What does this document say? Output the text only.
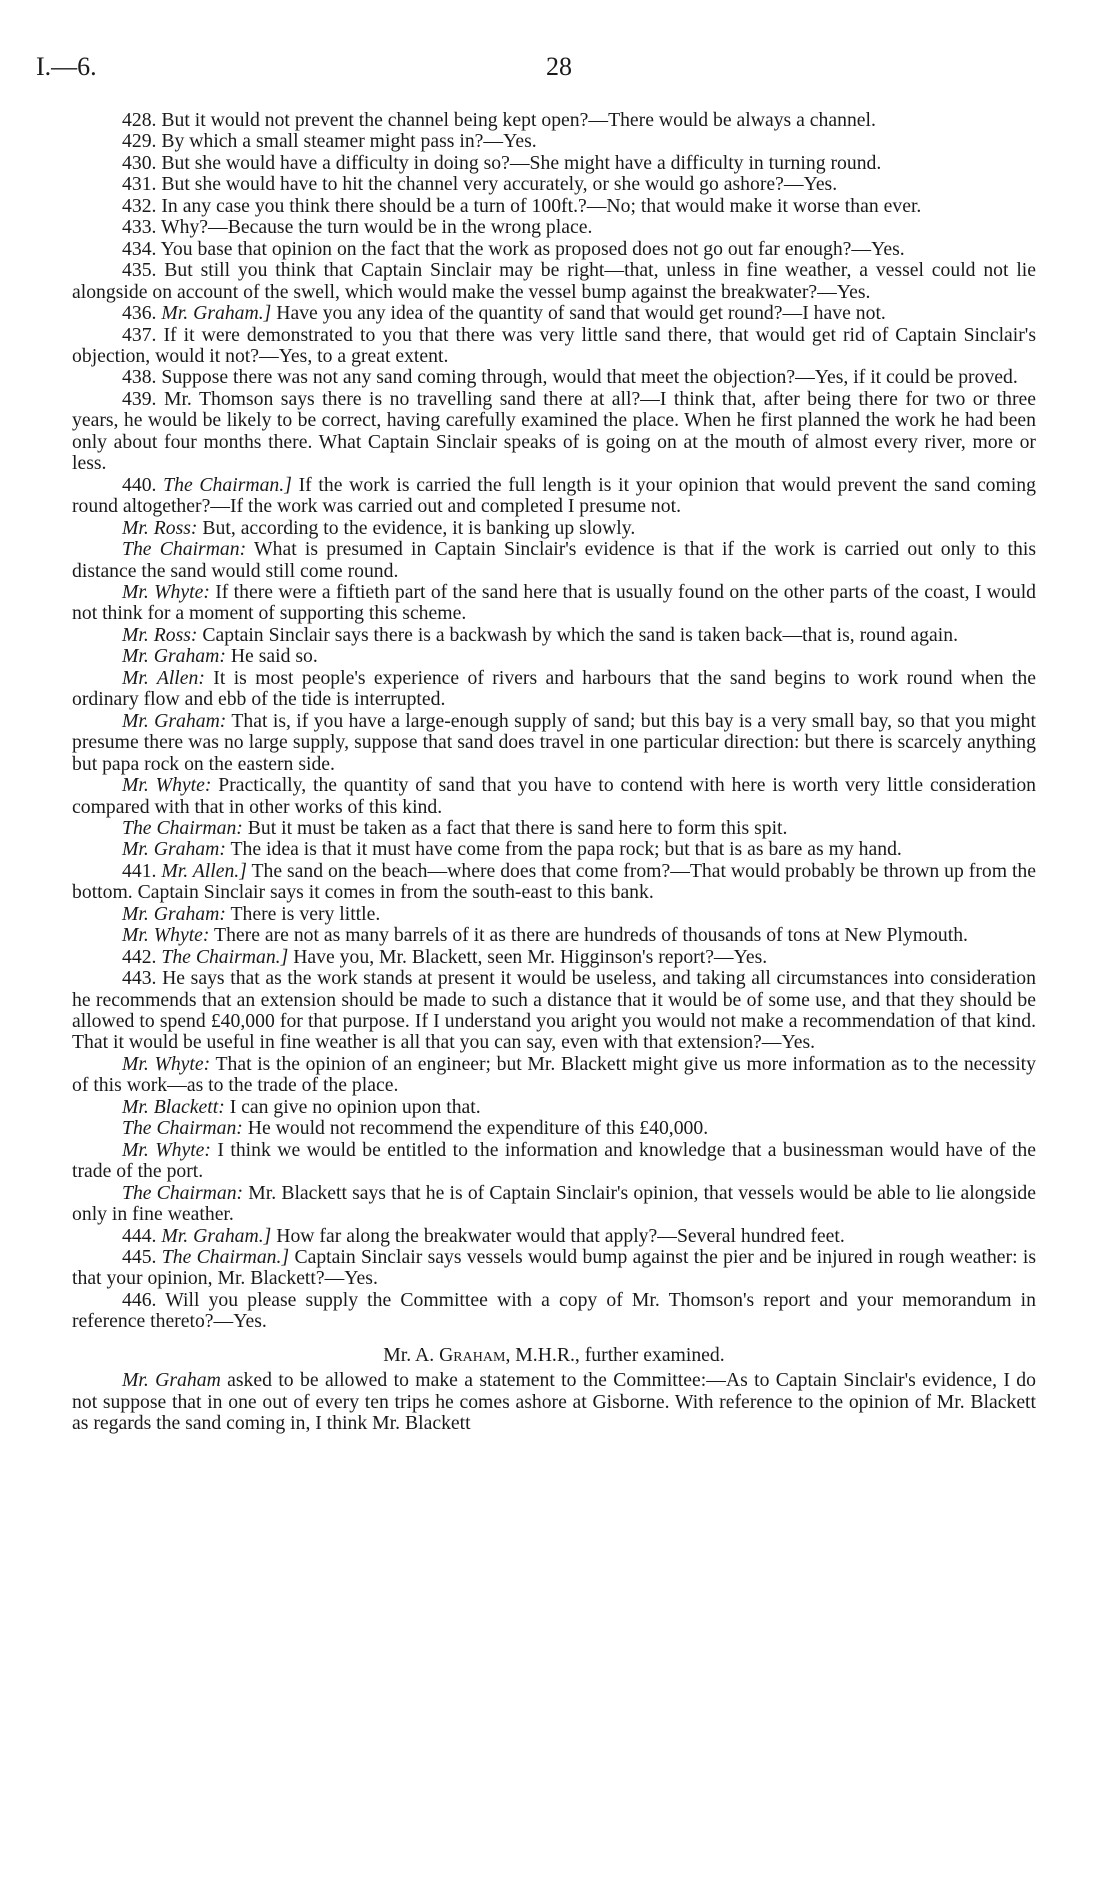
I.—6.	28

428. But it would not prevent the channel being kept open?—There would be always a channel.

429. By which a small steamer might pass in?—Yes.

430. But she would have a difficulty in doing so?—She might have a difficulty in turning round.

431. But she would have to hit the channel very accurately, or she would go ashore?—Yes.

432. In any case you think there should be a turn of 100ft.?—No; that would make it worse than ever.

433. Why?—Because the turn would be in the wrong place.

434. You base that opinion on the fact that the work as proposed does not go out far enough?—Yes.

435. But still you think that Captain Sinclair may be right—that, unless in fine weather, a vessel could not lie alongside on account of the swell, which would make the vessel bump against the breakwater?—Yes.

436. Mr. Graham.] Have you any idea of the quantity of sand that would get round?—I have not.

437. If it were demonstrated to you that there was very little sand there, that would get rid of Captain Sinclair's objection, would it not?—Yes, to a great extent.

438. Suppose there was not any sand coming through, would that meet the objection?—Yes, if it could be proved.

439. Mr. Thomson says there is no travelling sand there at all?—I think that, after being there for two or three years, he would be likely to be correct, having carefully examined the place. When he first planned the work he had been only about four months there. What Captain Sinclair speaks of is going on at the mouth of almost every river, more or less.

440. The Chairman.] If the work is carried the full length is it your opinion that would prevent the sand coming round altogether?—If the work was carried out and completed I presume not.

Mr. Ross: But, according to the evidence, it is banking up slowly.

The Chairman: What is presumed in Captain Sinclair's evidence is that if the work is carried out only to this distance the sand would still come round.

Mr. Whyte: If there were a fiftieth part of the sand here that is usually found on the other parts of the coast, I would not think for a moment of supporting this scheme.

Mr. Ross: Captain Sinclair says there is a backwash by which the sand is taken back—that is, round again.

Mr. Graham: He said so.

Mr. Allen: It is most people's experience of rivers and harbours that the sand begins to work round when the ordinary flow and ebb of the tide is interrupted.

Mr. Graham: That is, if you have a large-enough supply of sand; but this bay is a very small bay, so that you might presume there was no large supply, suppose that sand does travel in one particular direction: but there is scarcely anything but papa rock on the eastern side.

Mr. Whyte: Practically, the quantity of sand that you have to contend with here is worth very little consideration compared with that in other works of this kind.

The Chairman: But it must be taken as a fact that there is sand here to form this spit.

Mr. Graham: The idea is that it must have come from the papa rock; but that is as bare as my hand.

441. Mr. Allen.] The sand on the beach—where does that come from?—That would probably be thrown up from the bottom. Captain Sinclair says it comes in from the south-east to this bank.

Mr. Graham: There is very little.

Mr. Whyte: There are not as many barrels of it as there are hundreds of thousands of tons at New Plymouth.

442. The Chairman.] Have you, Mr. Blackett, seen Mr. Higginson's report?—Yes.

443. He says that as the work stands at present it would be useless, and taking all circumstances into consideration he recommends that an extension should be made to such a distance that it would be of some use, and that they should be allowed to spend £40,000 for that purpose. If I understand you aright you would not make a recommendation of that kind. That it would be useful in fine weather is all that you can say, even with that extension?—Yes.

Mr. Whyte: That is the opinion of an engineer; but Mr. Blackett might give us more information as to the necessity of this work—as to the trade of the place.

Mr. Blackett: I can give no opinion upon that.

The Chairman: He would not recommend the expenditure of this £40,000.

Mr. Whyte: I think we would be entitled to the information and knowledge that a businessman would have of the trade of the port.

The Chairman: Mr. Blackett says that he is of Captain Sinclair's opinion, that vessels would be able to lie alongside only in fine weather.

444. Mr. Graham.] How far along the breakwater would that apply?—Several hundred feet.

445. The Chairman.] Captain Sinclair says vessels would bump against the pier and be injured in rough weather: is that your opinion, Mr. Blackett?—Yes.

446. Will you please supply the Committee with a copy of Mr. Thomson's report and your memorandum in reference thereto?—Yes.

Mr. A. Graham, M.H.R., further examined.

Mr. Graham asked to be allowed to make a statement to the Committee:—As to Captain Sinclair's evidence, I do not suppose that in one out of every ten trips he comes ashore at Gisborne. With reference to the opinion of Mr. Blackett as regards the sand coming in, I think Mr. Blackett
